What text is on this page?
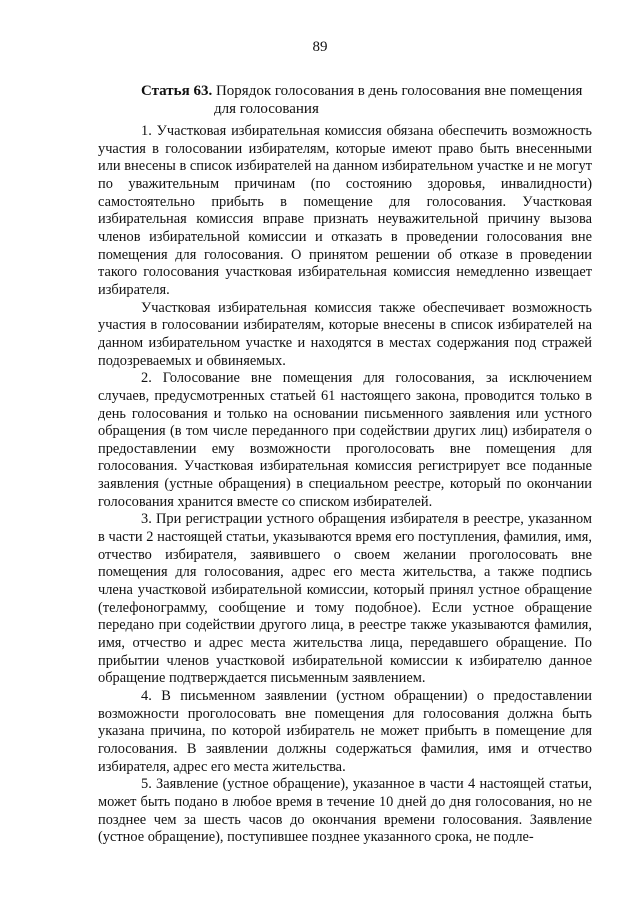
89
Статья 63. Порядок голосования в день голосования вне помещения
для голосования

1. Участковая избирательная комиссия обязана обеспечить возможность участия в голосовании избирателям, которые имеют право быть внесенными или внесены в список избирателей на данном избирательном участке и не могут по уважительным причинам (по состоянию здоровья, инвалидности) самостоятельно прибыть в помещение для голосования. Участковая избирательная комиссия вправе признать неуважительной причину вызова членов избирательной комиссии и отказать в проведении голосования вне помещения для голосования. О принятом решении об отказе в проведении такого голосования участковая избирательная комиссия немедленно извещает избирателя.

Участковая избирательная комиссия также обеспечивает возможность участия в голосовании избирателям, которые внесены в список избирателей на данном избирательном участке и находятся в местах содержания под стражей подозреваемых и обвиняемых.

2. Голосование вне помещения для голосования, за исключением случаев, предусмотренных статьей 61 настоящего закона, проводится только в день голосования и только на основании письменного заявления или устного обращения (в том числе переданного при содействии других лиц) избирателя о предоставлении ему возможности проголосовать вне помещения для голосования. Участковая избирательная комиссия регистрирует все поданные заявления (устные обращения) в специальном реестре, который по окончании голосования хранится вместе со списком избирателей.

3. При регистрации устного обращения избирателя в реестре, указанном в части 2 настоящей статьи, указываются время его поступления, фамилия, имя, отчество избирателя, заявившего о своем желании проголосовать вне помещения для голосования, адрес его места жительства, а также подпись члена участковой избирательной комиссии, который принял устное обращение (телефонограмму, сообщение и тому подобное). Если устное обращение передано при содействии другого лица, в реестре также указываются фамилия, имя, отчество и адрес места жительства лица, передавшего обращение. По прибытии членов участковой избирательной комиссии к избирателю данное обращение подтверждается письменным заявлением.

4. В письменном заявлении (устном обращении) о предоставлении возможности проголосовать вне помещения для голосования должна быть указана причина, по которой избиратель не может прибыть в помещение для голосования. В заявлении должны содержаться фамилия, имя и отчество избирателя, адрес его места жительства.

5. Заявление (устное обращение), указанное в части 4 настоящей статьи, может быть подано в любое время в течение 10 дней до дня голосования, но не позднее чем за шесть часов до окончания времени голосования. Заявление (устное обращение), поступившее позднее указанного срока, не подле-
